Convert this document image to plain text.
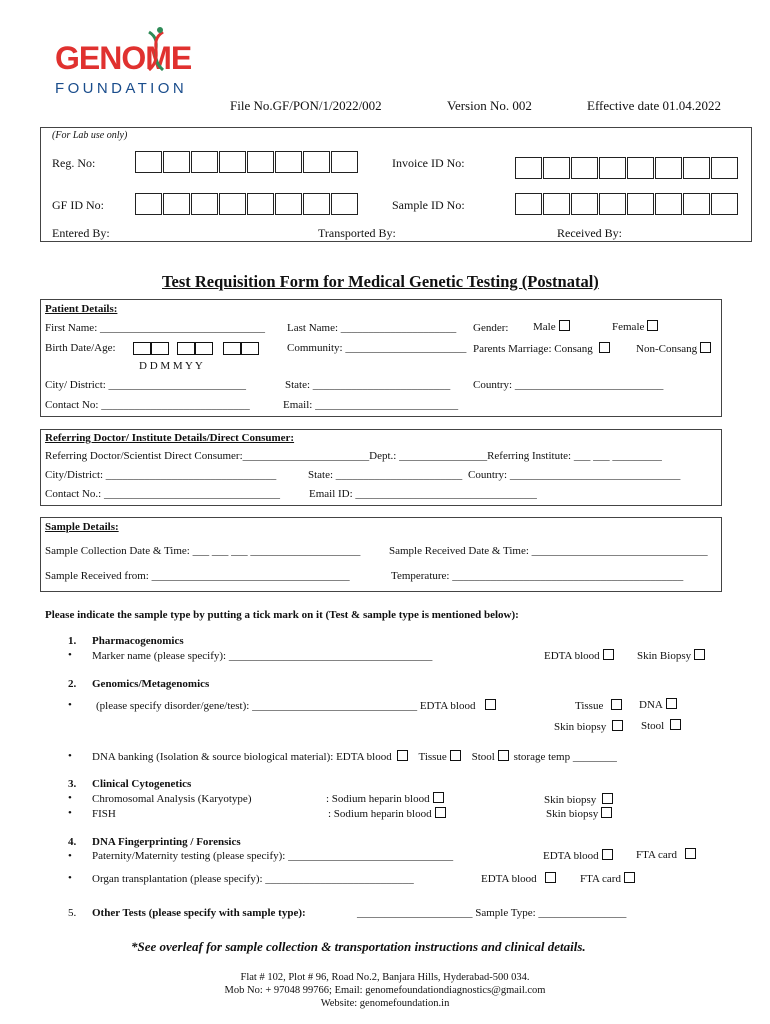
GENOME
FOUNDATION
File No.GF/PON/1/2022/002	Version No. 002	Effective date 01.04.2022
(For Lab use only)
Reg. No:	Invoice ID No:
GF ID No:	Sample ID No:
Entered By:	Transported By:	Received By:
Test Requisition Form for Medical Genetic Testing (Postnatal)
Patient Details:
First Name: ______________________________ Last Name: _____________________ Gender: Male	Female
Birth Date/Age:
D D M M Y Y
Community: ______________________ Parents Marriage: Consang	Non-Consang
City/ District: _________________________	State: _________________________ Country: ___________________________
Contact No: ___________________________	Email: __________________________
Referring Doctor/ Institute Details/Direct Consumer:
Referring Doctor/Scientist Direct Consumer:_______________________Dept.: ________________Referring Institute: ___ ___ _________
City/District: _______________________________	State: _______________________ Country: _______________________________
Contact No.: ________________________________	Email ID: _________________________________
Sample Details:
Sample Collection Date & Time: ___ ___ ___ ____________________	Sample Received Date & Time: ________________________________
Sample Received from: ____________________________________	Temperature: __________________________________________
Please indicate the sample type by putting a tick mark on it (Test & sample type is mentioned below):
1. Pharmacogenomics
• Marker name (please specify): _____________________________________	EDTA blood	Skin Biopsy
2. Genomics/Metagenomics
• (please specify disorder/gene/test): ______________________________ EDTA blood	Tissue	DNA
Skin biopsy	Stool
• DNA banking (Isolation & source biological material): EDTA blood Tissue Stool storage temp ________
3. Clinical Cytogenetics
• Chromosomal Analysis (Karyotype)	: Sodium heparin blood	Skin biopsy
• FISH	: Sodium heparin blood	Skin biopsy
4. DNA Fingerprinting / Forensics
• Paternity/Maternity testing (please specify): ______________________________	EDTA blood	FTA card
• Organ transplantation (please specify): ___________________________	EDTA blood	FTA card
5. Other Tests (please specify with sample type):	_____________________ Sample Type: ________________
*See overleaf for sample collection & transportation instructions and clinical details.
Flat # 102, Plot # 96, Road No.2, Banjara Hills, Hyderabad-500 034.
Mob No: + 97048 99766; Email: genomefoundationdiagnostics@gmail.com
Website: genomefoundation.in
